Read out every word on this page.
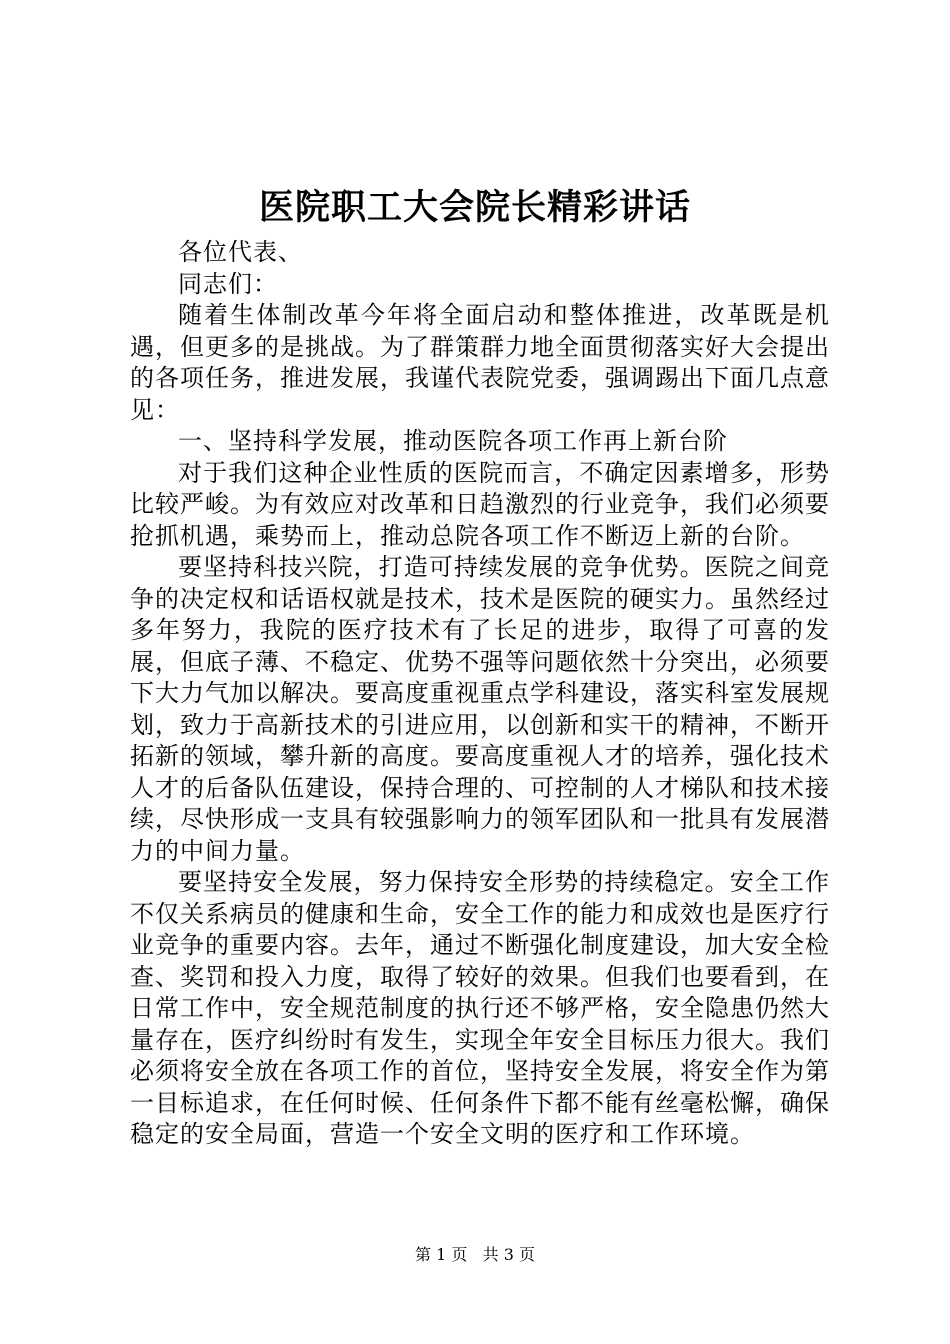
医院职工大会院长精彩讲话

各位代表、

同志们：

随着生体制改革今年将全面启动和整体推进，改革既是机遇，但更多的是挑战。为了群策群力地全面贯彻落实好大会提出的各项任务，推进发展，我谨代表院党委，强调踢出下面几点意见：

一、坚持科学发展，推动医院各项工作再上新台阶

对于我们这种企业性质的医院而言，不确定因素增多，形势比较严峻。为有效应对改革和日趋激烈的行业竞争，我们必须要抢抓机遇，乘势而上，推动总院各项工作不断迈上新的台阶。

要坚持科技兴院，打造可持续发展的竞争优势。医院之间竞争的决定权和话语权就是技术，技术是医院的硬实力。虽然经过多年努力，我院的医疗技术有了长足的进步，取得了可喜的发展，但底子薄、不稳定、优势不强等问题依然十分突出，必须要下大力气加以解决。要高度重视重点学科建设，落实科室发展规划，致力于高新技术的引进应用，以创新和实干的精神，不断开拓新的领域，攀升新的高度。要高度重视人才的培养，强化技术人才的后备队伍建设，保持合理的、可控制的人才梯队和技术接续，尽快形成一支具有较强影响力的领军团队和一批具有发展潜力的中间力量。

要坚持安全发展，努力保持安全形势的持续稳定。安全工作不仅关系病员的健康和生命，安全工作的能力和成效也是医疗行业竞争的重要内容。去年，通过不断强化制度建设，加大安全检查、奖罚和投入力度，取得了较好的效果。但我们也要看到，在日常工作中，安全规范制度的执行还不够严格，安全隐患仍然大量存在，医疗纠纷时有发生，实现全年安全目标压力很大。我们必须将安全放在各项工作的首位，坚持安全发展，将安全作为第一目标追求，在任何时候、任何条件下都不能有丝毫松懈，确保稳定的安全局面，营造一个安全文明的医疗和工作环境。

第 1 页 共 3 页
